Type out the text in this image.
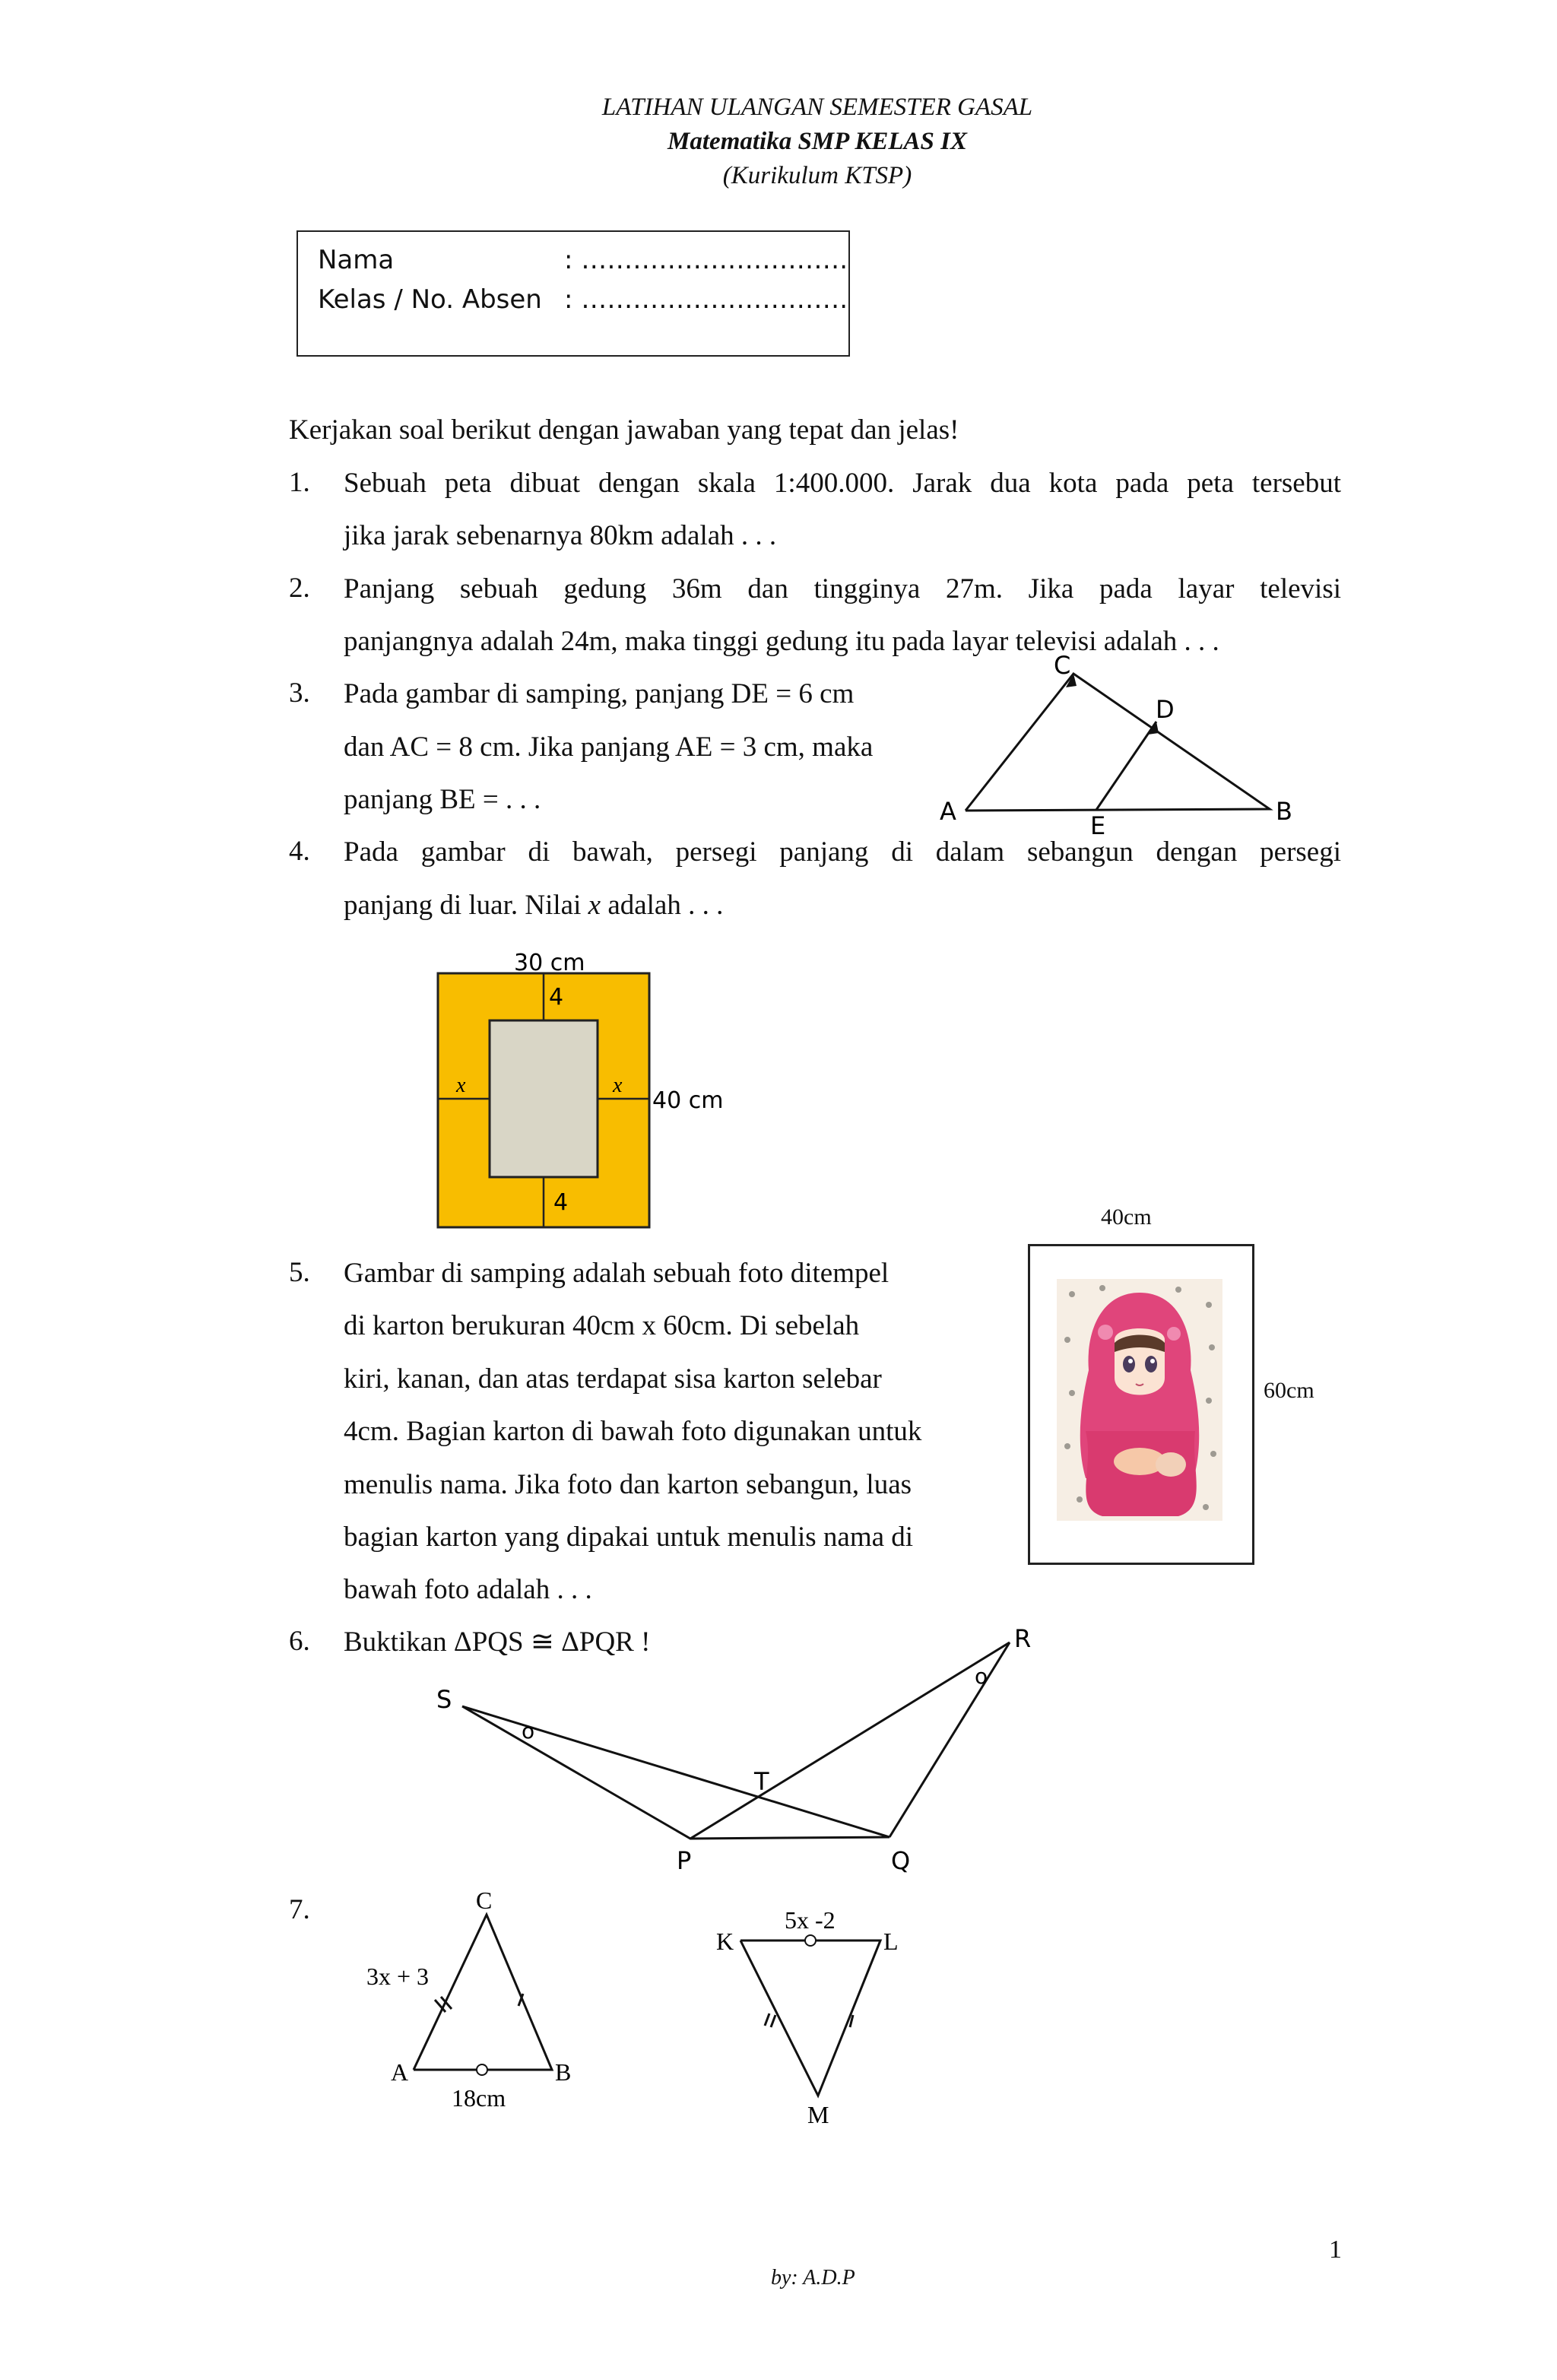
LATIHAN ULANGAN SEMESTER GASAL
Matematika SMP KELAS IX
(Kurikulum KTSP)
Nama	: ………………………….
Kelas / No. Absen : ………………………….
Kerjakan soal berikut dengan jawaban yang tepat dan jelas!
1. Sebuah peta dibuat dengan skala 1:400.000. Jarak dua kota pada peta tersebut
jika jarak sebenarnya 80km adalah . . .
2. Panjang sebuah gedung 36m dan tingginya 27m. Jika pada layar televisi
panjangnya adalah 24m, maka tinggi gedung itu pada layar televisi adalah . . .
3. Pada gambar di samping, panjang DE = 6 cm
dan AC = 8 cm. Jika panjang AE = 3 cm, maka
panjang BE = . . .
C
D
A	E	B
4. Pada gambar di bawah, persegi panjang di dalam sebangun dengan persegi
panjang di luar. Nilai x adalah . . .
30 cm
40 cm
4
4
x	x
5. Gambar di samping adalah sebuah foto ditempel
di karton berukuran 40cm x 60cm. Di sebelah
kiri, kanan, dan atas terdapat sisa karton selebar
4cm. Bagian karton di bawah foto digunakan untuk
menulis nama. Jika foto dan karton sebangun, luas
bagian karton yang dipakai untuk menulis nama di
bawah foto adalah . . .
40cm
60cm
6. Buktikan ΔPQS ≅ ΔPQR !
S
R
T
P	Q
o
o
7.	C
A	B
3x + 3
18cm
K	L
M
5x -2
1
by: A.D.P
